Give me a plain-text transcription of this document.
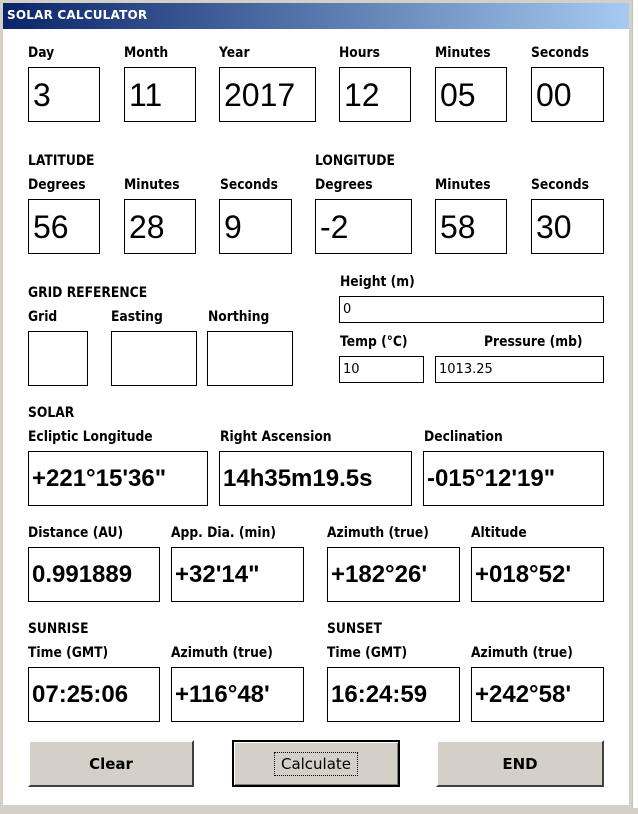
SOLAR CALCULATOR
Day
3
Month
11
Year
2017
Hours
12
Minutes
05
Seconds
00
LATITUDE
Degrees
56
Minutes
28
Seconds
9
LONGITUDE
Degrees
-2
Minutes
58
Seconds
30
GRID REFERENCE
Grid	Easting	Northing
Height (m)
0
Temp (°C)
10
Pressure (mb)
1013.25
SOLAR
Ecliptic Longitude
+221°15'36"
Right Ascension
14h35m19.5s
Declination
-015°12'19"
Distance (AU)
0.991889
App. Dia. (min)
+32'14"
Azimuth (true)
+182°26'
Altitude
+018°52'
SUNRISE
Time (GMT)
07:25:06
Azimuth (true)
+116°48'
SUNSET
Time (GMT)
16:24:59
Azimuth (true)
+242°58'
Clear	Calculate	END
